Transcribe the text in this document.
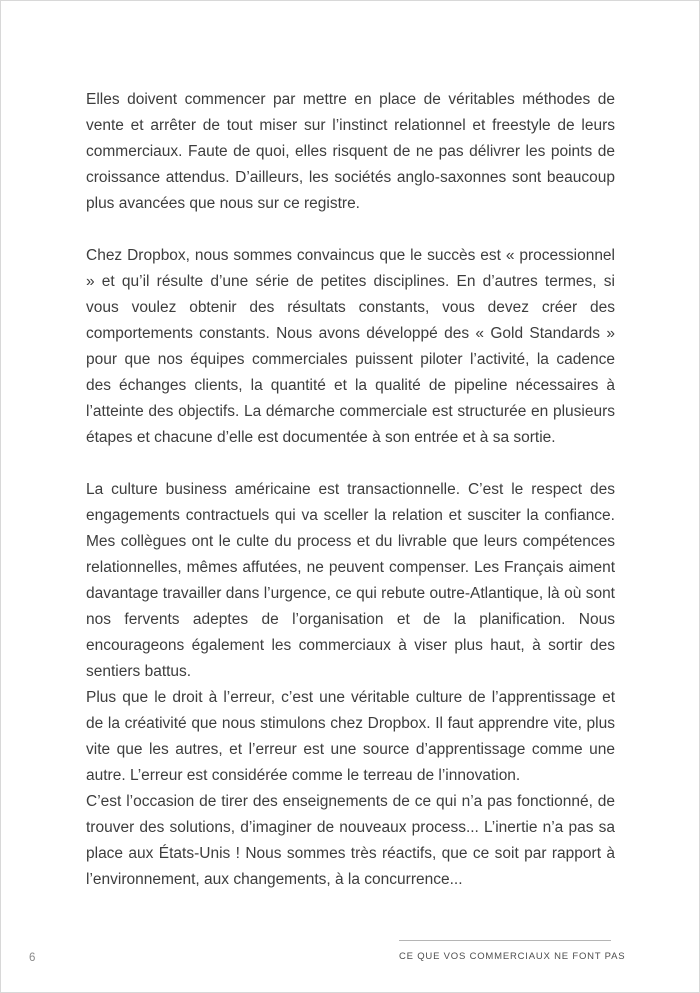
Elles doivent commencer par mettre en place de véritables méthodes de vente et arrêter de tout miser sur l’instinct relationnel et freestyle de leurs commerciaux. Faute de quoi, elles risquent de ne pas délivrer les points de croissance attendus. D’ailleurs, les sociétés anglo-saxonnes sont beaucoup plus avancées que nous sur ce registre.

Chez Dropbox, nous sommes convaincus que le succès est « processionnel » et qu’il résulte d’une série de petites disciplines. En d’autres termes, si vous voulez obtenir des résultats constants, vous devez créer des comportements constants. Nous avons développé des « Gold Standards » pour que nos équipes commerciales puissent piloter l’activité, la cadence des échanges clients, la quantité et la qualité de pipeline nécessaires à l’atteinte des objectifs. La démarche commerciale est structurée en plusieurs étapes et chacune d’elle est documentée à son entrée et à sa sortie.

La culture business américaine est transactionnelle. C’est le respect des engagements contractuels qui va sceller la relation et susciter la confiance. Mes collègues ont le culte du process et du livrable que leurs compétences relationnelles, mêmes affutées, ne peuvent compenser. Les Français aiment davantage travailler dans l’urgence, ce qui rebute outre-Atlantique, là où sont nos fervents adeptes de l’organisation et de la planification. Nous encourageons également les commerciaux à viser plus haut, à sortir des sentiers battus.

Plus que le droit à l’erreur, c’est une véritable culture de l’apprentissage et de la créativité que nous stimulons chez Dropbox. Il faut apprendre vite, plus vite que les autres, et l’erreur est une source d’apprentissage comme une autre. L’erreur est considérée comme le terreau de l’innovation.

C’est l’occasion de tirer des enseignements de ce qui n’a pas fonctionné, de trouver des solutions, d’imaginer de nouveaux process... L’inertie n’a pas sa place aux États-Unis ! Nous sommes très réactifs, que ce soit par rapport à l’environnement, aux changements, à la concurrence...

6	CE QUE VOS COMMERCIAUX NE FONT PAS
